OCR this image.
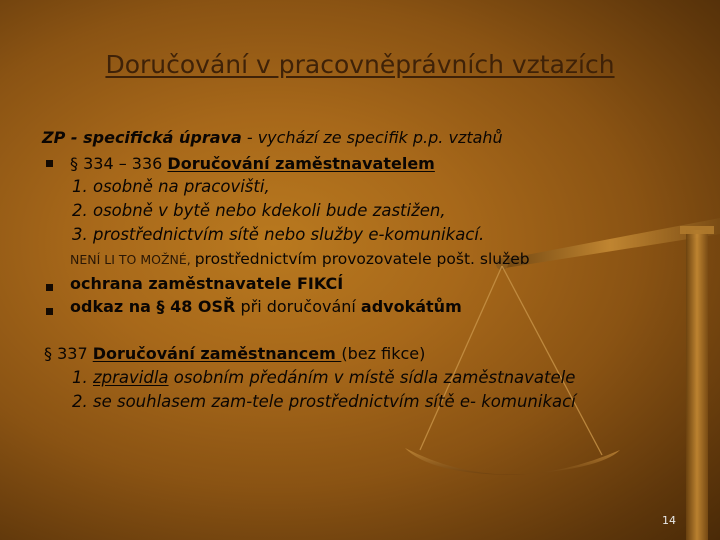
Doručování v pracovněprávních vztazích
ZP - specifická úprava - vychází ze specifik p.p. vztahů
§ 334 – 336 Doručování zaměstnavatelem
1. osobně na pracovišti,
2. osobně v bytě nebo kdekoli bude zastižen,
3. prostřednictvím sítě nebo služby e-komunikací.
NENÍ LI TO MOŽNÉ, prostřednictvím provozovatele pošt. služeb
ochrana zaměstnavatele FIKCÍ
odkaz na § 48 OSŘ při doručování advokátům
§ 337 Doručování zaměstnancem (bez fikce)
1. zpravidla osobním předáním v místě sídla zaměstnavatele
2. se souhlasem zam-tele prostřednictvím sítě e- komunikací
14
